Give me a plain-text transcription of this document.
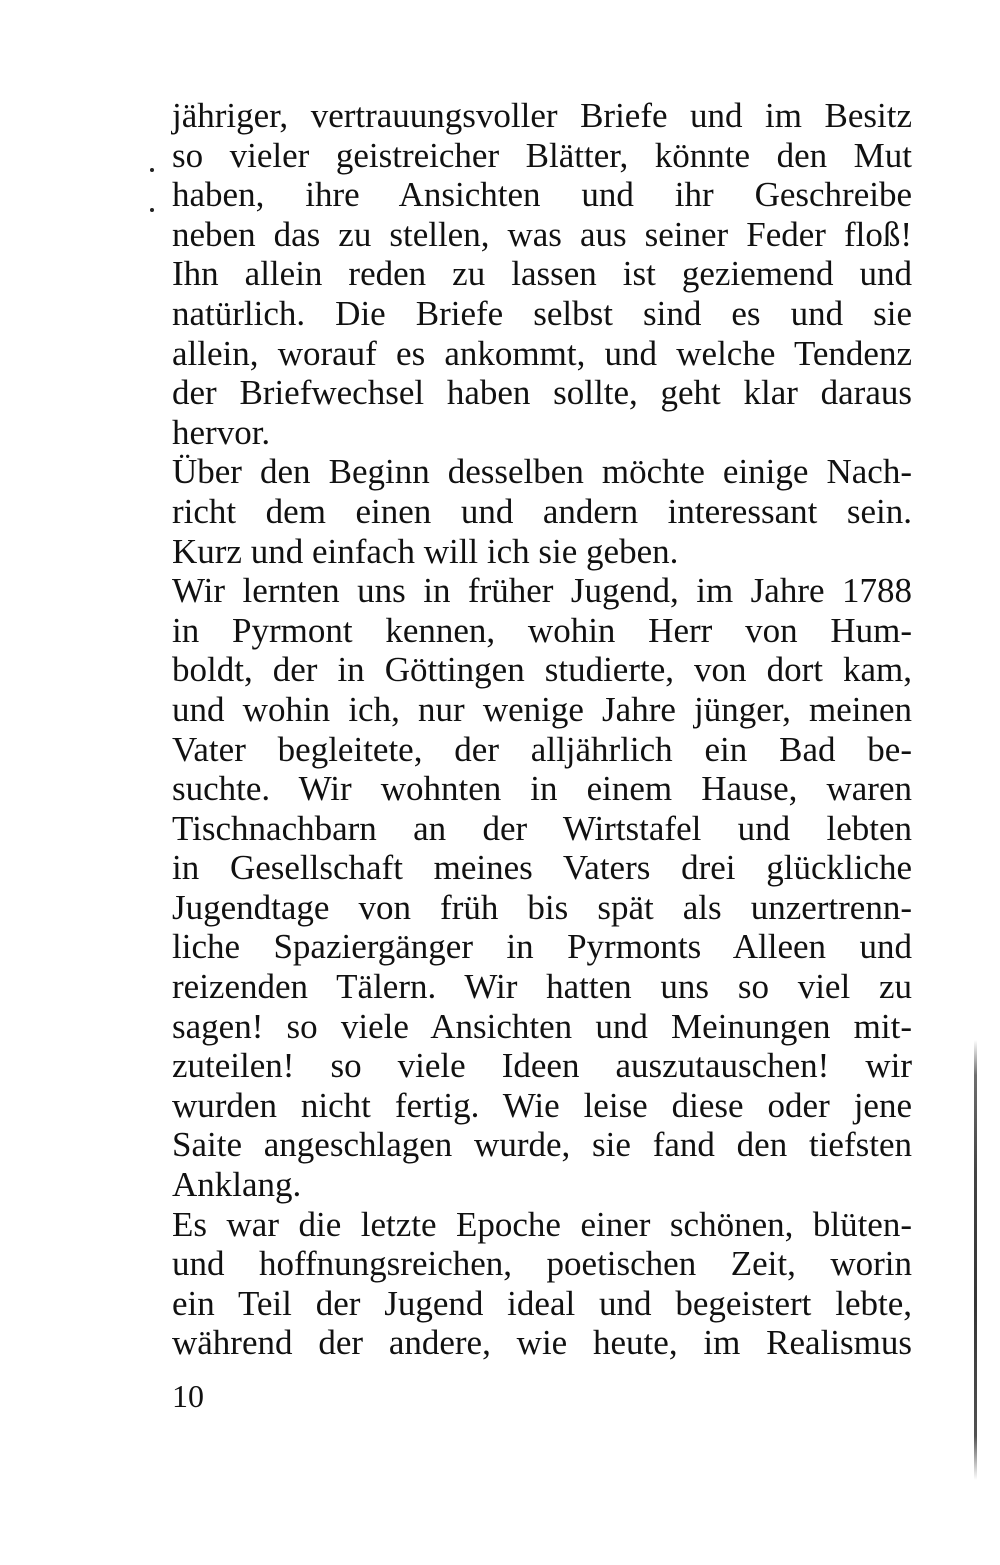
jähriger, vertrauungsvoller Briefe und im Besitz
so vieler geistreicher Blätter, könnte den Mut
haben, ihre Ansichten und ihr Geschreibe
neben das zu stellen, was aus seiner Feder floß!
Ihn allein reden zu lassen ist geziemend und
natürlich. Die Briefe selbst sind es und sie
allein, worauf es ankommt, und welche Tendenz
der Briefwechsel haben sollte, geht klar daraus
hervor.
Über den Beginn desselben möchte einige Nach-
richt dem einen und andern interessant sein.
Kurz und einfach will ich sie geben.
Wir lernten uns in früher Jugend, im Jahre 1788
in Pyrmont kennen, wohin Herr von Hum-
boldt, der in Göttingen studierte, von dort kam,
und wohin ich, nur wenige Jahre jünger, meinen
Vater begleitete, der alljährlich ein Bad be-
suchte. Wir wohnten in einem Hause, waren
Tischnachbarn an der Wirtstafel und lebten
in Gesellschaft meines Vaters drei glückliche
Jugendtage von früh bis spät als unzertrenn-
liche Spaziergänger in Pyrmonts Alleen und
reizenden Tälern. Wir hatten uns so viel zu
sagen! so viele Ansichten und Meinungen mit-
zuteilen! so viele Ideen auszutauschen! wir
wurden nicht fertig. Wie leise diese oder jene
Saite angeschlagen wurde, sie fand den tiefsten
Anklang.
Es war die letzte Epoche einer schönen, blüten-
und hoffnungsreichen, poetischen Zeit, worin
ein Teil der Jugend ideal und begeistert lebte,
während der andere, wie heute, im Realismus
10
